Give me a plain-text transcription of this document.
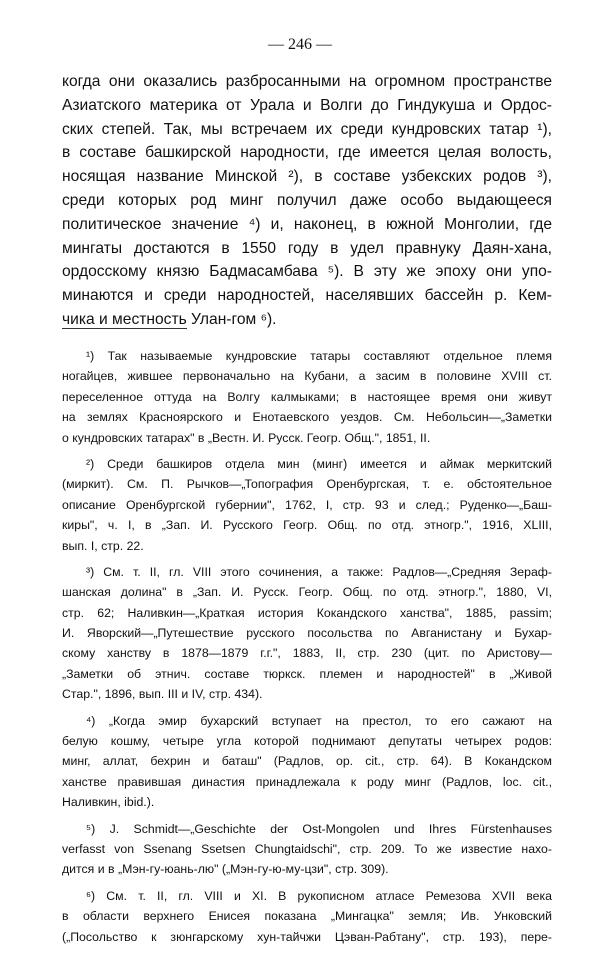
— 246 —
когда они оказались разбросанными на огромном пространстве
Азиатского материка от Урала и Волги до Гиндукуша и Ордос-
ских степей. Так, мы встречаем их среди кундровских татар ¹),
в составе башкирской народности, где имеется целая волость,
носящая название Минской ²), в составе узбекских родов ³),
среди которых род минг получил даже особо выдающееся
политическое значение ⁴) и, наконец, в южной Монголии, где
мингаты достаются в 1550 году в удел правнуку Даян-хана,
ордосскому князю Бадмасамбава ⁵). В эту же эпоху они упо-
минаются и среди народностей, населявших бассейн р. Кем-
чика и местность Улан-гом ⁶).
¹) Так называемые кундровские татары составляют отдельное племя
ногайцев, жившее первоначально на Кубани, а засим в половине XVIII ст.
переселенное оттуда на Волгу калмыками; в настоящее время они живут
на землях Красноярского и Енотаевского уездов. См. Небольсин—„Заметки
о кундровских татарах" в „Вестн. И. Русск. Геогр. Общ.", 1851, II.
²) Среди башкиров отдела мин (минг) имеется и аймак меркитский
(миркит). См. П. Рычков—„Топография Оренбургская, т. е. обстоятельное
описание Оренбургской губернии", 1762, I, стр. 93 и след.; Руденко—„Баш-
киры", ч. I, в „Зап. И. Русского Геогр. Общ. по отд. этногр.", 1916, XLIII,
вып. I, стр. 22.
³) См. т. II, гл. VIII этого сочинения, а также: Радлов—„Средняя Зераф-
шанская долина" в „Зап. И. Русск. Геогр. Общ. по отд. этногр.", 1880, VI,
стр. 62; Наливкин—„Краткая история Кокандского ханства", 1885, passim;
И. Яворский—„Путешествие русского посольства по Авганистану и Бухар-
скому ханству в 1878—1879 г.г.", 1883, II, стр. 230 (цит. по Аристову—
„Заметки об этнич. составе тюркск. племен и народностей" в „Живой
Стар.", 1896, вып. III и IV, стр. 434).
⁴) „Когда эмир бухарский вступает на престол, то его сажают на
белую кошму, четыре угла которой поднимают депутаты четырех родов:
минг, аллат, бехрин и баташ" (Радлов, op. cit., стр. 64). В Кокандском
ханстве правившая династия принадлежала к роду минг (Радлов, loc. cit.,
Наливкин, ibid.).
⁵) J. Schmidt—„Geschichte der Ost-Mongolen und Ihres Fürstenhauses
verfasst von Ssenang Ssetsen Chungtaidschi", стр. 209. То же известие нахо-
дится и в „Мэн-гу-юань-лю" („Мэн-гу-ю-му-цзи", стр. 309).
⁶) См. т. II, гл. VIII и XI. В рукописном атласе Ремезова XVII века
в области верхнего Енисея показана „Мингацка" земля; Ив. Унковский
(„Посольство к зюнгарскому хун-тайчжи Цэван-Рабтану", стр. 193), пере-
